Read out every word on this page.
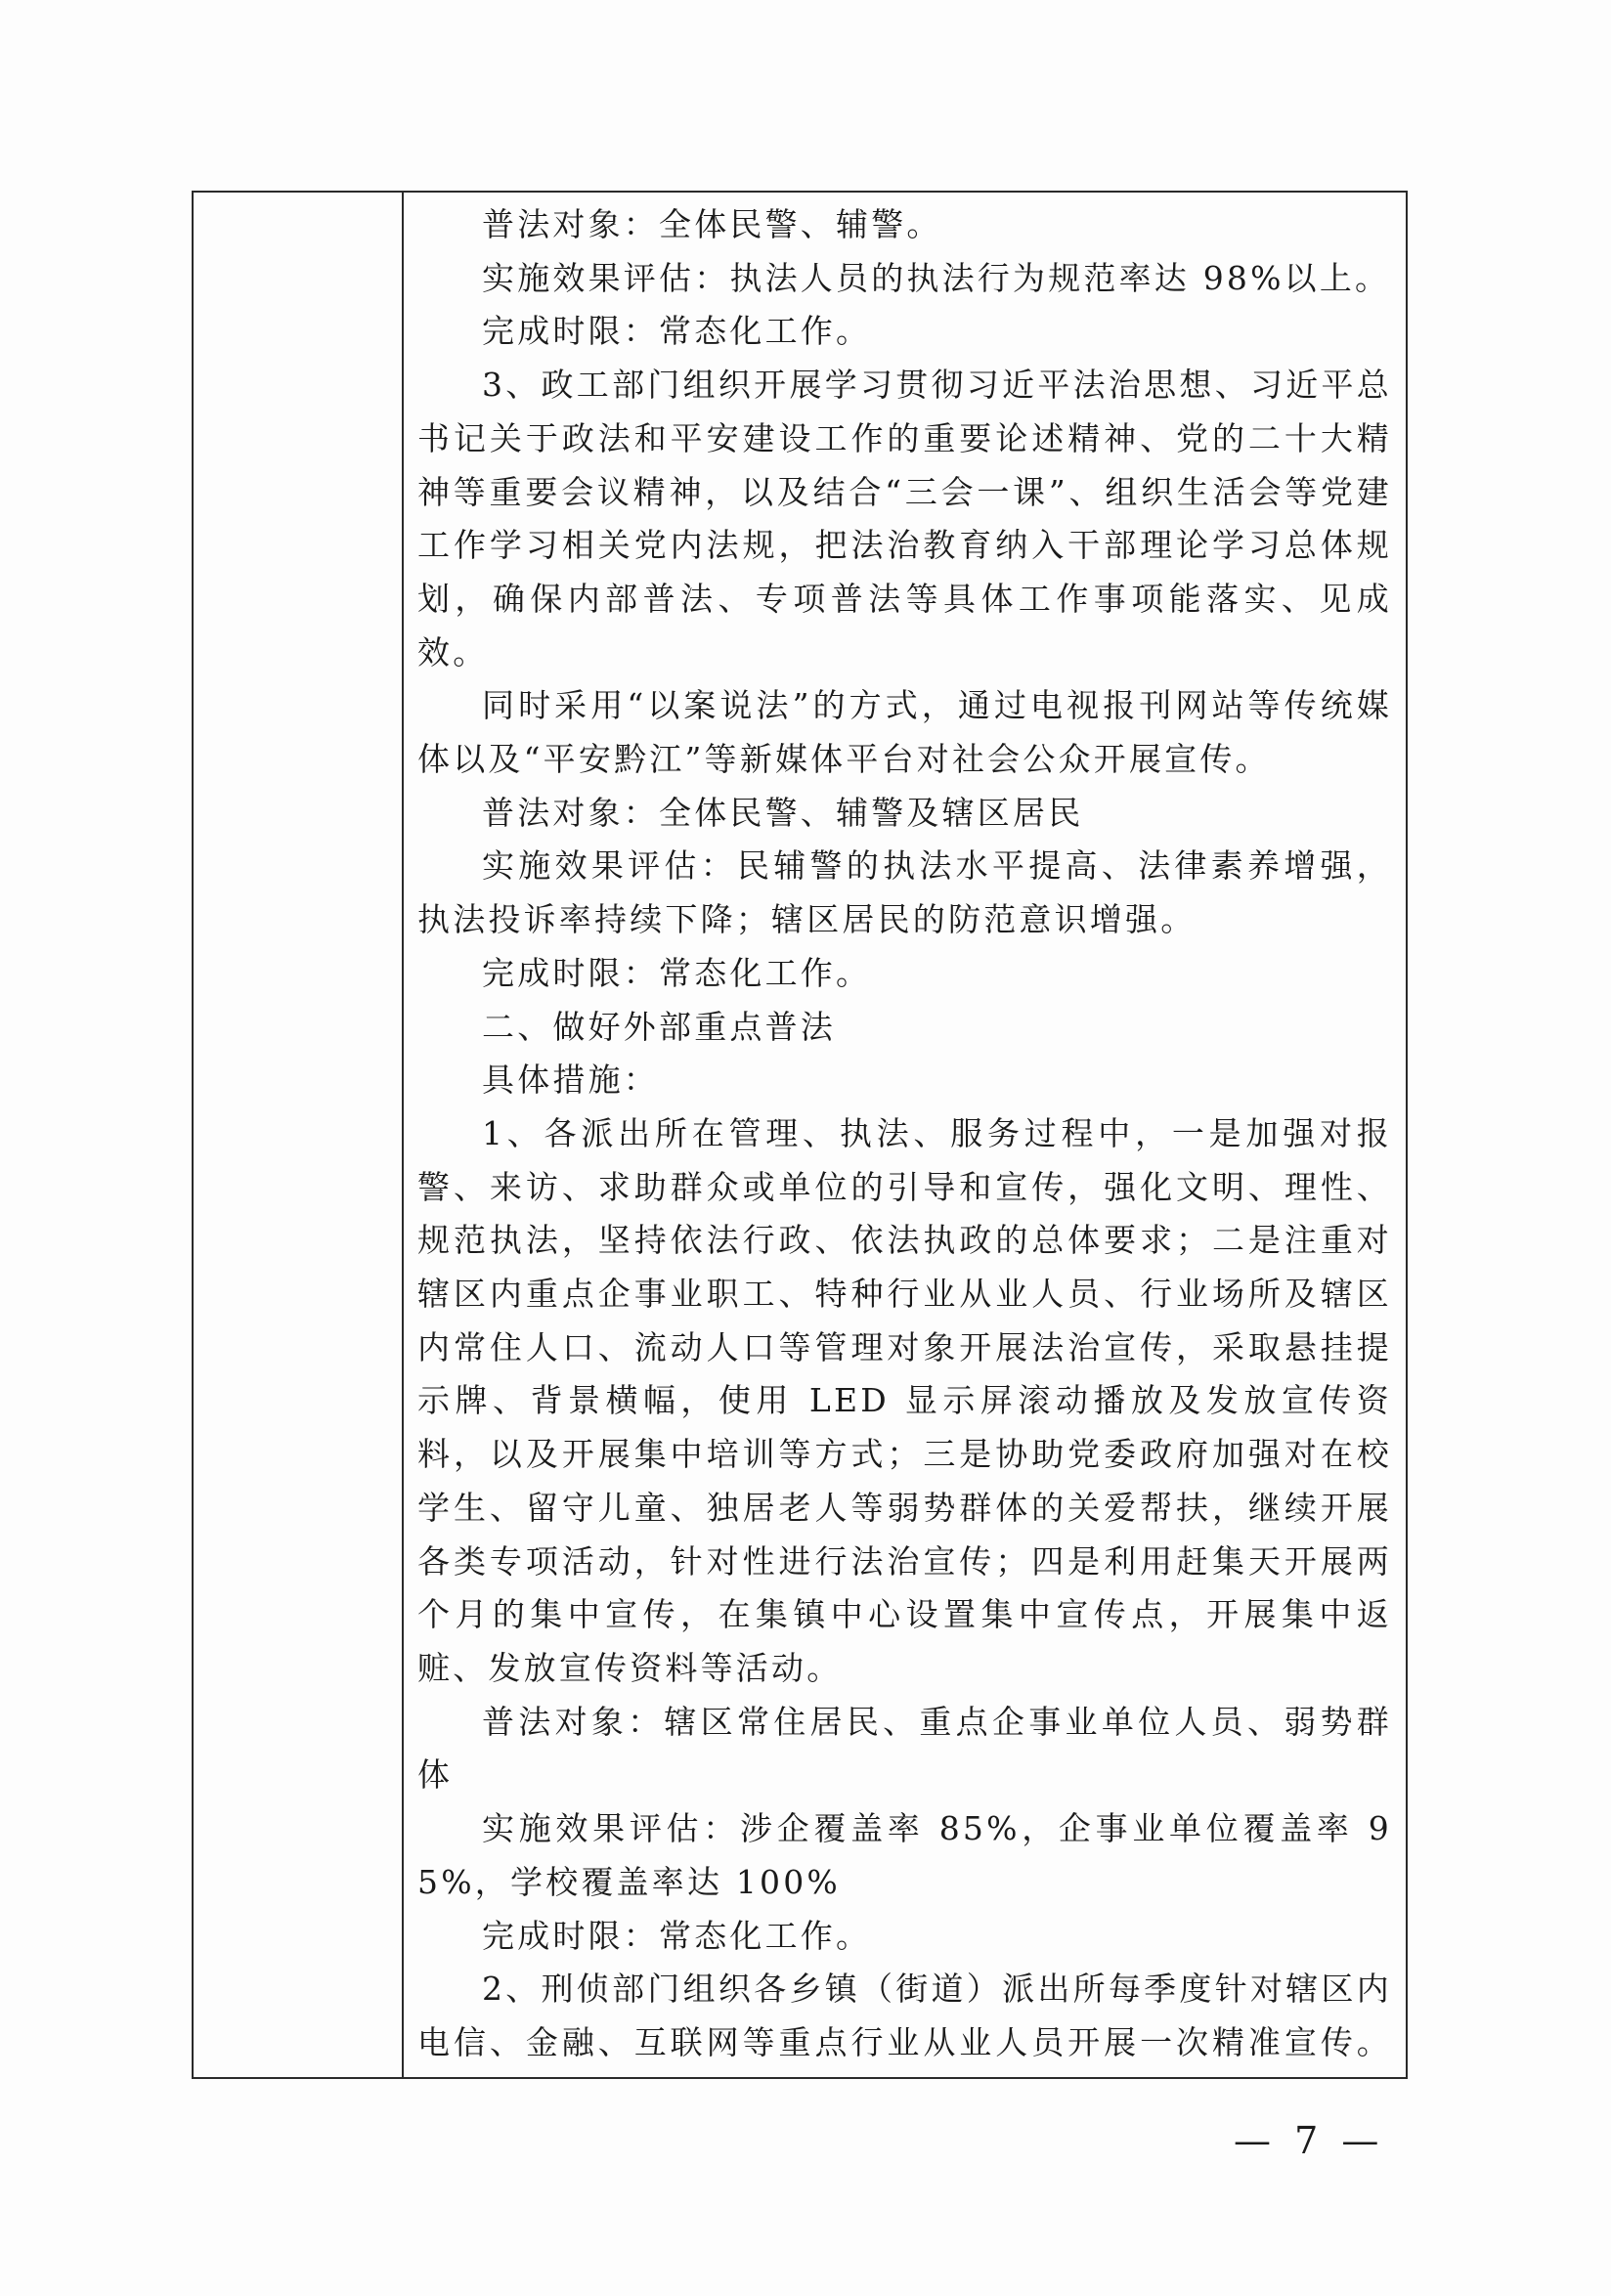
普法对象：全体民警、辅警。

实施效果评估：执法人员的执法行为规范率达 98%以上。

完成时限：常态化工作。

3、政工部门组织开展学习贯彻习近平法治思想、习近平总书记关于政法和平安建设工作的重要论述精神、党的二十大精神等重要会议精神，以及结合“三会一课”、组织生活会等党建工作学习相关党内法规，把法治教育纳入干部理论学习总体规划，确保内部普法、专项普法等具体工作事项能落实、见成效。

同时采用“以案说法”的方式，通过电视报刊网站等传统媒体以及“平安黔江”等新媒体平台对社会公众开展宣传。

普法对象：全体民警、辅警及辖区居民

实施效果评估：民辅警的执法水平提高、法律素养增强，执法投诉率持续下降；辖区居民的防范意识增强。

完成时限：常态化工作。

二、做好外部重点普法

具体措施：

1、各派出所在管理、执法、服务过程中，一是加强对报警、来访、求助群众或单位的引导和宣传，强化文明、理性、规范执法，坚持依法行政、依法执政的总体要求；二是注重对辖区内重点企事业职工、特种行业从业人员、行业场所及辖区内常住人口、流动人口等管理对象开展法治宣传，采取悬挂提示牌、背景横幅，使用 LED 显示屏滚动播放及发放宣传资料，以及开展集中培训等方式；三是协助党委政府加强对在校学生、留守儿童、独居老人等弱势群体的关爱帮扶，继续开展各类专项活动，针对性进行法治宣传；四是利用赶集天开展两个月的集中宣传，在集镇中心设置集中宣传点，开展集中返赃、发放宣传资料等活动。

普法对象：辖区常住居民、重点企事业单位人员、弱势群体

实施效果评估：涉企覆盖率 85%，企事业单位覆盖率 95%，学校覆盖率达 100%

完成时限：常态化工作。

2、刑侦部门组织各乡镇（街道）派出所每季度针对辖区内电信、金融、互联网等重点行业从业人员开展一次精准宣传。

— 7 —
